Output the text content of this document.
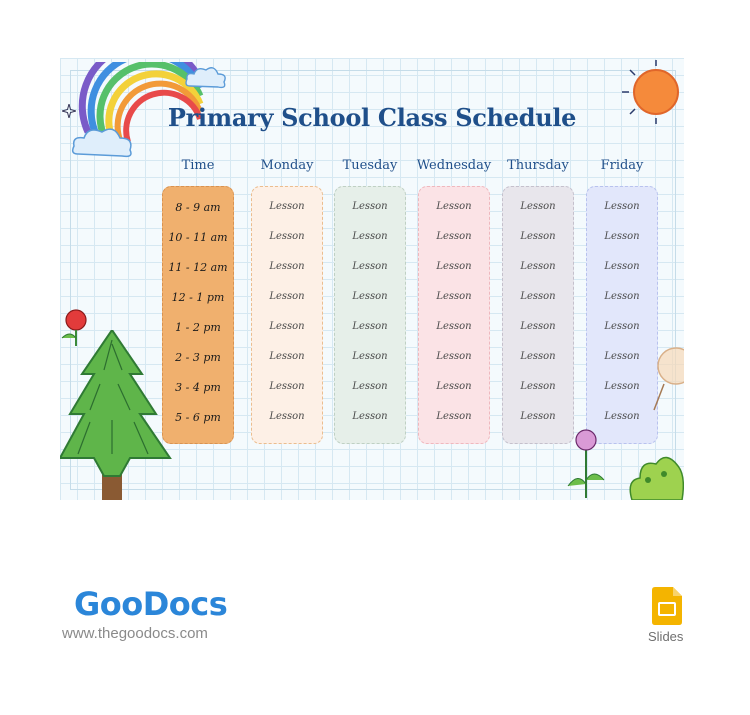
Primary School Class Schedule
Time	Monday	Tuesday	Wednesday	Thursday	Friday
8 - 9 am	Lesson	Lesson	Lesson	Lesson	Lesson
10 - 11 am	Lesson	Lesson	Lesson	Lesson	Lesson
11 - 12 am	Lesson	Lesson	Lesson	Lesson	Lesson
12 - 1 pm	Lesson	Lesson	Lesson	Lesson	Lesson
1 - 2 pm	Lesson	Lesson	Lesson	Lesson	Lesson
2 - 3 pm	Lesson	Lesson	Lesson	Lesson	Lesson
3 - 4 pm	Lesson	Lesson	Lesson	Lesson	Lesson
5 - 6 pm	Lesson	Lesson	Lesson	Lesson	Lesson
GooDocs
www.thegoodocs.com	Slides
